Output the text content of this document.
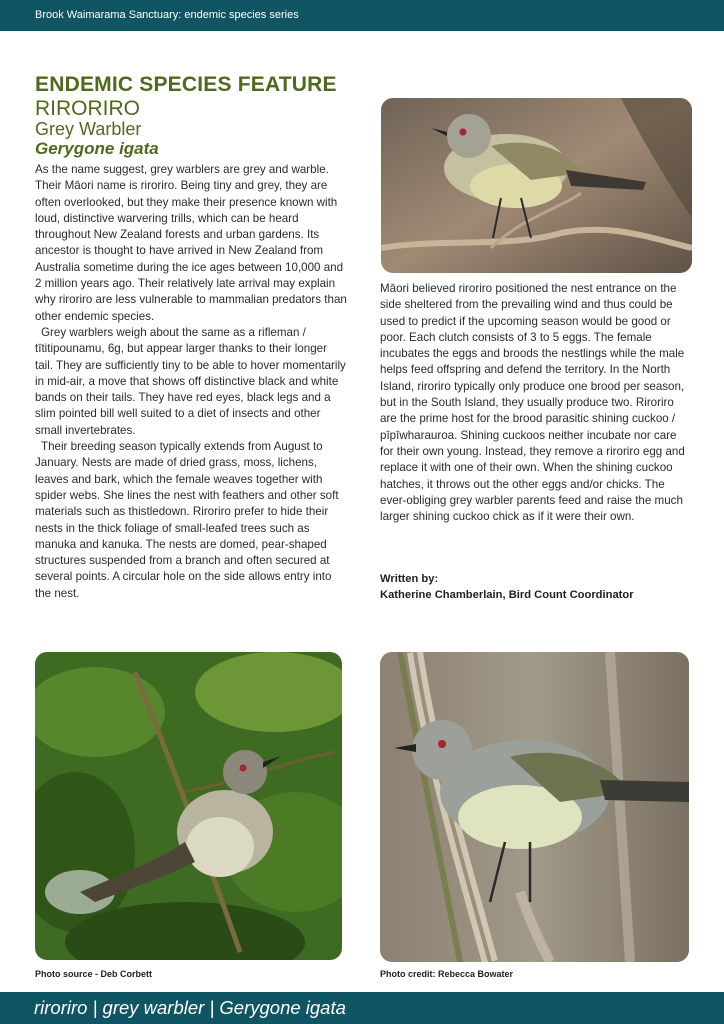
Brook Waimarama Sanctuary: endemic species series
ENDEMIC SPECIES FEATURE
RIRORIRO
Grey Warbler
Gerygone igata

As the name suggest, grey warblers are grey and warble. Their Māori name is riroriro. Being tiny and grey, they are often overlooked, but they make their presence known with loud, distinctive warvering trills, which can be heard throughout New Zealand forests and urban gardens. Its ancestor is thought to have arrived in New Zealand from Australia sometime during the ice ages between 10,000 and 2 million years ago. Their relatively late arrival may explain why riroriro are less vulnerable to mammalian predators than other endemic species.

Grey warblers weigh about the same as a rifleman / tītitipounamu, 6g, but appear larger thanks to their longer tail. They are sufficiently tiny to be able to hover momentarily in mid-air, a move that shows off distinctive black and white bands on their tails. They have red eyes, black legs and a slim pointed bill well suited to a diet of insects and other small invertebrates.

Their breeding season typically extends from August to January. Nests are made of dried grass, moss, lichens, leaves and bark, which the female weaves together with spider webs. She lines the nest with feathers and other soft materials such as thistledown. Riroriro prefer to hide their nests in the thick foliage of small-leafed trees such as manuka and kanuka. The nests are domed, pear-shaped structures suspended from a branch and often secured at several points. A circular hole on the side allows entry into the nest.

Māori believed riroriro positioned the nest entrance on the side sheltered from the prevailing wind and thus could be used to predict if the upcoming season would be good or poor. Each clutch consists of 3 to 5 eggs. The female incubates the eggs and broods the nestlings while the male helps feed offspring and defend the territory. In the North Island, riroriro typically only produce one brood per season, but in the South Island, they usually produce two. Riroriro are the prime host for the brood parasitic shining cuckoo / pīpīwharauroa. Shining cuckoos neither incubate nor care for their own young. Instead, they remove a riroriro egg and replace it with one of their own. When the shining cuckoo hatches, it throws out the other eggs and/or chicks. The ever-obliging grey warbler parents feed and raise the much larger shining cuckoo chick as if it were their own.

Written by:
Katherine Chamberlain, Bird Count Coordinator
Photo source - Deb Corbett	Photo credit: Rebecca Bowater
riroriro | grey warbler | Gerygone igata
